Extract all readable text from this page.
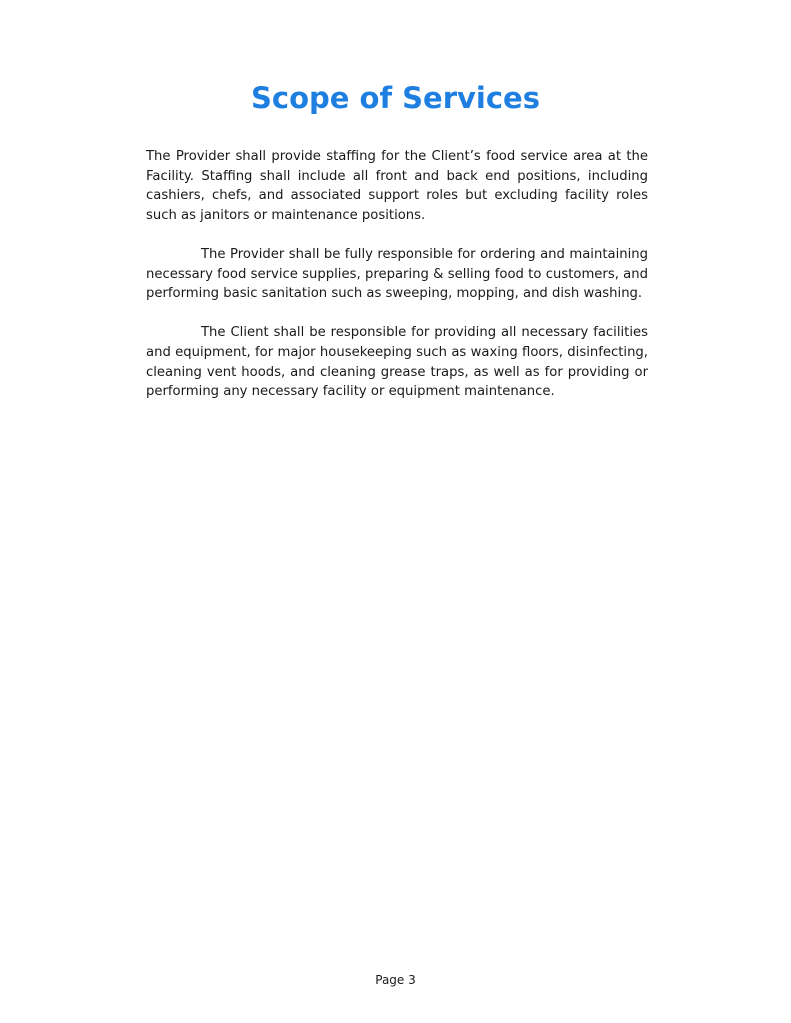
Scope of Services

The Provider shall provide staffing for the Client’s food service area at the Facility. Staffing shall include all front and back end positions, including cashiers, chefs, and associated support roles but excluding facility roles such as janitors or maintenance positions.

The Provider shall be fully responsible for ordering and maintaining necessary food service supplies, preparing & selling food to customers, and performing basic sanitation such as sweeping, mopping, and dish washing.

The Client shall be responsible for providing all necessary facilities and equipment, for major housekeeping such as waxing floors, disinfecting, cleaning vent hoods, and cleaning grease traps, as well as for providing or performing any necessary facility or equipment maintenance.

Page 3
